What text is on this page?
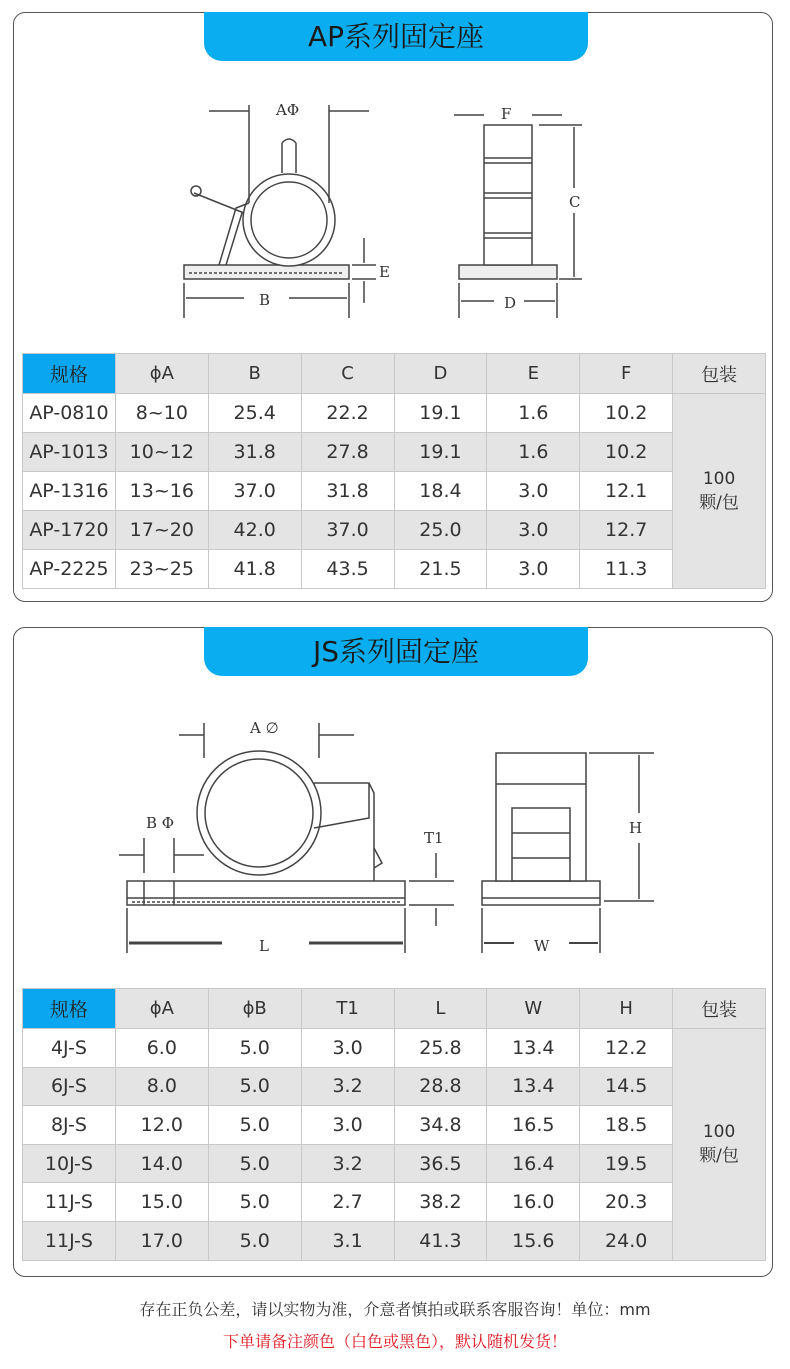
AP系列固定座
AΦ
B
E
F
C
D
规格	ϕA	B	C	D	E	F	包装
AP-0810	8~10	25.4	22.2	19.1	1.6	10.2	100
颗/包

AP-1013	10~12	31.8	27.8	19.1	1.6	10.2	
AP-1316	13~16	37.0	31.8	18.4	3.0	12.1	
AP-1720	17~20	42.0	37.0	25.0	3.0	12.7	
AP-2225	23~25	41.8	43.5	21.5	3.0	11.3	
JS系列固定座
A ∅
B Φ
L
T1
H
W
规格	ϕA	ϕB	T1	L	W	H	包装
4J-S	6.0	5.0	3.0	25.8	13.4	12.2	100
颗/包

6J-S	8.0	5.0	3.2	28.8	13.4	14.5	
8J-S	12.0	5.0	3.0	34.8	16.5	18.5	
10J-S	14.0	5.0	3.2	36.5	16.4	19.5	
11J-S	15.0	5.0	2.7	38.2	16.0	20.3	
11J-S	17.0	5.0	3.1	41.3	15.6	24.0	
存在正负公差，请以实物为准，介意者慎拍或联系客服咨询！单位：mm
下单请备注颜色（白色或黑色），默认随机发货！
